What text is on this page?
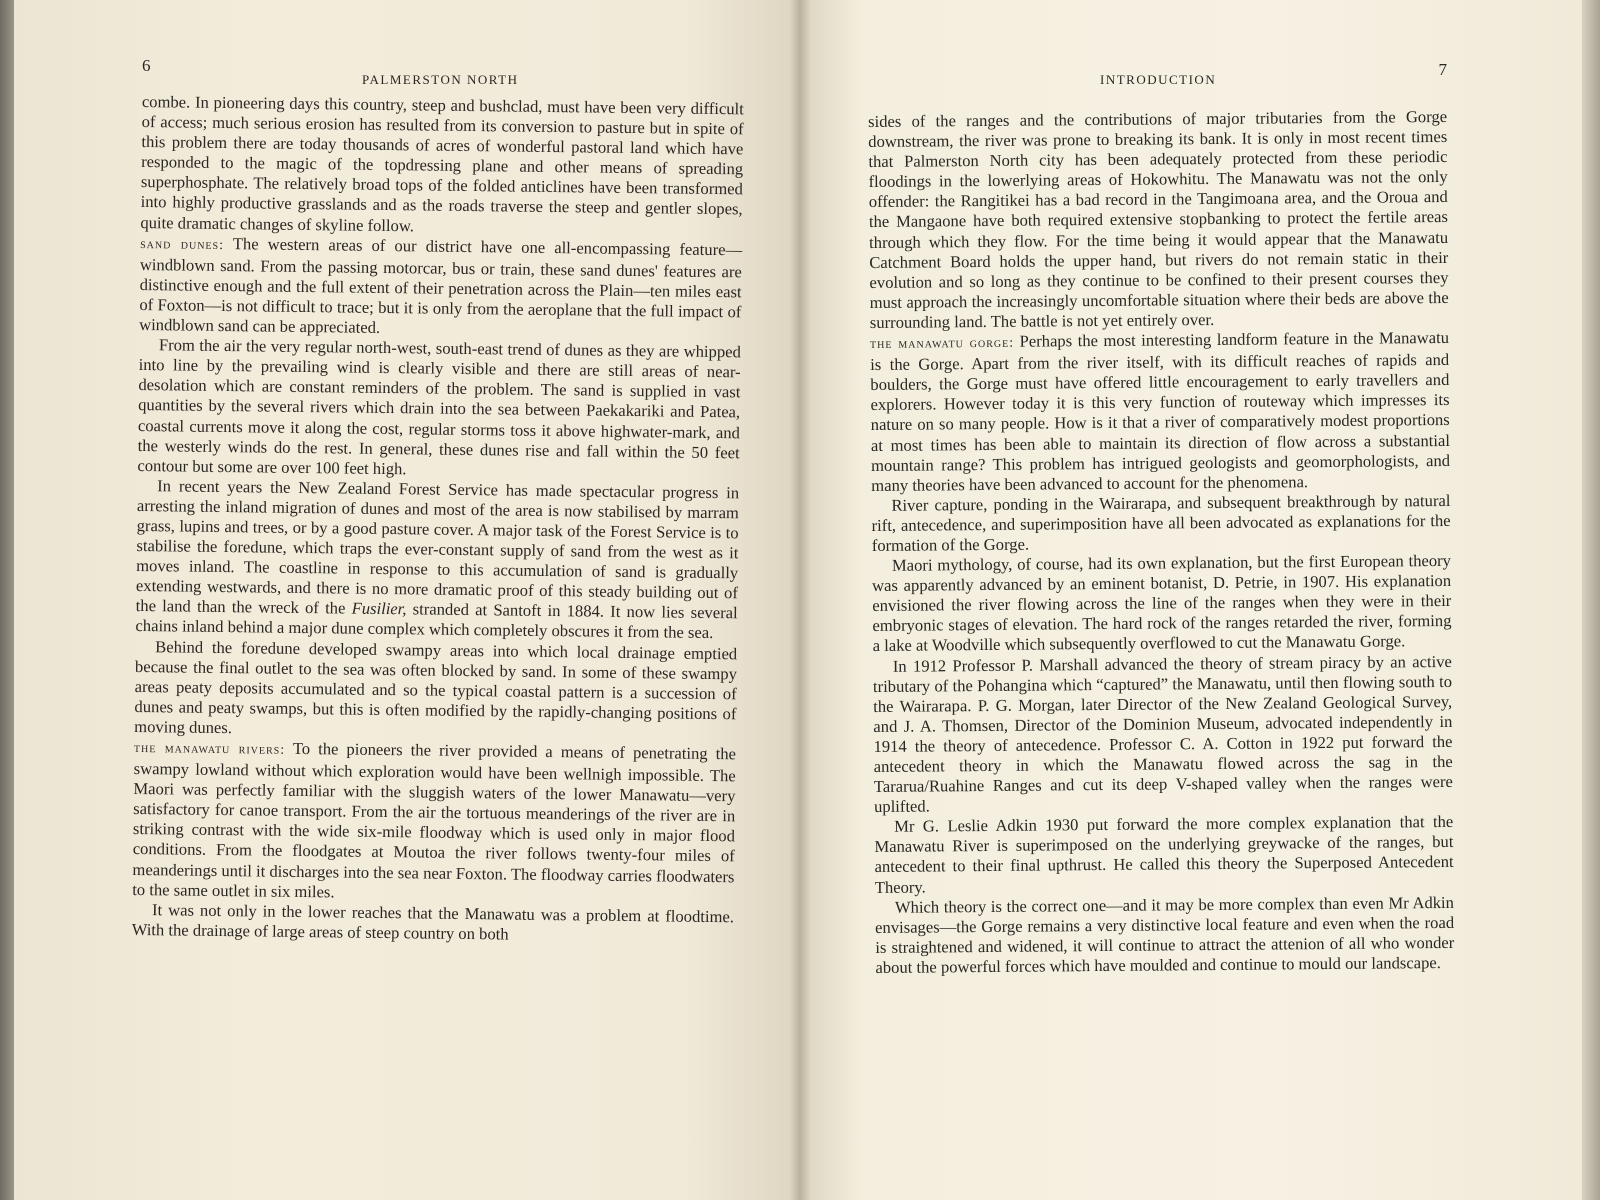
6
PALMERSTON NORTH

combe. In pioneering days this country, steep and bushclad, must have been very difficult of access; much serious erosion has resulted from its conversion to pasture but in spite of this problem there are today thousands of acres of wonderful pastoral land which have responded to the magic of the topdressing plane and other means of spreading superphosphate. The relatively broad tops of the folded anticlines have been transformed into highly productive grasslands and as the roads traverse the steep and gentler slopes, quite dramatic changes of skyline follow.

sand dunes: The western areas of our district have one all-encompassing feature—windblown sand. From the passing motorcar, bus or train, these sand dunes' features are distinctive enough and the full extent of their penetration across the Plain—ten miles east of Foxton—is not difficult to trace; but it is only from the aeroplane that the full impact of windblown sand can be appreciated.

From the air the very regular north-west, south-east trend of dunes as they are whipped into line by the prevailing wind is clearly visible and there are still areas of near-desolation which are constant reminders of the problem. The sand is supplied in vast quantities by the several rivers which drain into the sea between Paekakariki and Patea, coastal currents move it along the cost, regular storms toss it above highwater-mark, and the westerly winds do the rest. In general, these dunes rise and fall within the 50 feet contour but some are over 100 feet high.

In recent years the New Zealand Forest Service has made spectacular progress in arresting the inland migration of dunes and most of the area is now stabilised by marram grass, lupins and trees, or by a good pasture cover. A major task of the Forest Service is to stabilise the foredune, which traps the ever-constant supply of sand from the west as it moves inland. The coastline in response to this accumulation of sand is gradually extending westwards, and there is no more dramatic proof of this steady building out of the land than the wreck of the Fusilier, stranded at Santoft in 1884. It now lies several chains inland behind a major dune complex which completely obscures it from the sea.

Behind the foredune developed swampy areas into which local drainage emptied because the final outlet to the sea was often blocked by sand. In some of these swampy areas peaty deposits accumulated and so the typical coastal pattern is a succession of dunes and peaty swamps, but this is often modified by the rapidly-changing positions of moving dunes.

the manawatu rivers: To the pioneers the river provided a means of penetrating the swampy lowland without which exploration would have been wellnigh impossible. The Maori was perfectly familiar with the sluggish waters of the lower Manawatu—very satisfactory for canoe transport. From the air the tortuous meanderings of the river are in striking contrast with the wide six-mile floodway which is used only in major flood conditions. From the floodgates at Moutoa the river follows twenty-four miles of meanderings until it discharges into the sea near Foxton. The floodway carries floodwaters to the same outlet in six miles.

It was not only in the lower reaches that the Manawatu was a problem at floodtime. With the drainage of large areas of steep country on both

INTRODUCTION
7

sides of the ranges and the contributions of major tributaries from the Gorge downstream, the river was prone to breaking its bank. It is only in most recent times that Palmerston North city has been adequately protected from these periodic floodings in the lowerlying areas of Hokowhitu. The Manawatu was not the only offender: the Rangitikei has a bad record in the Tangimoana area, and the Oroua and the Mangaone have both required extensive stopbanking to protect the fertile areas through which they flow. For the time being it would appear that the Manawatu Catchment Board holds the upper hand, but rivers do not remain static in their evolution and so long as they continue to be confined to their present courses they must approach the increasingly uncomfortable situation where their beds are above the surrounding land. The battle is not yet entirely over.

the manawatu gorge: Perhaps the most interesting landform feature in the Manawatu is the Gorge. Apart from the river itself, with its difficult reaches of rapids and boulders, the Gorge must have offered little encouragement to early travellers and explorers. However today it is this very function of routeway which impresses its nature on so many people. How is it that a river of comparatively modest proportions at most times has been able to maintain its direction of flow across a substantial mountain range? This problem has intrigued geologists and geomorphologists, and many theories have been advanced to account for the phenomena.

River capture, ponding in the Wairarapa, and subsequent breakthrough by natural rift, antecedence, and superimposition have all been advocated as explanations for the formation of the Gorge.

Maori mythology, of course, had its own explanation, but the first European theory was apparently advanced by an eminent botanist, D. Petrie, in 1907. His explanation envisioned the river flowing across the line of the ranges when they were in their embryonic stages of elevation. The hard rock of the ranges retarded the river, forming a lake at Woodville which subsequently overflowed to cut the Manawatu Gorge.

In 1912 Professor P. Marshall advanced the theory of stream piracy by an active tributary of the Pohangina which “captured” the Manawatu, until then flowing south to the Wairarapa. P. G. Morgan, later Director of the New Zealand Geological Survey, and J. A. Thomsen, Director of the Dominion Museum, advocated independently in 1914 the theory of antecedence. Professor C. A. Cotton in 1922 put forward the antecedent theory in which the Manawatu flowed across the sag in the Tararua/Ruahine Ranges and cut its deep V-shaped valley when the ranges were uplifted.

Mr G. Leslie Adkin 1930 put forward the more complex explanation that the Manawatu River is superimposed on the underlying greywacke of the ranges, but antecedent to their final upthrust. He called this theory the Superposed Antecedent Theory.

Which theory is the correct one—and it may be more complex than even Mr Adkin envisages—the Gorge remains a very distinctive local feature and even when the road is straightened and widened, it will continue to attract the attenion of all who wonder about the powerful forces which have moulded and continue to mould our landscape.
